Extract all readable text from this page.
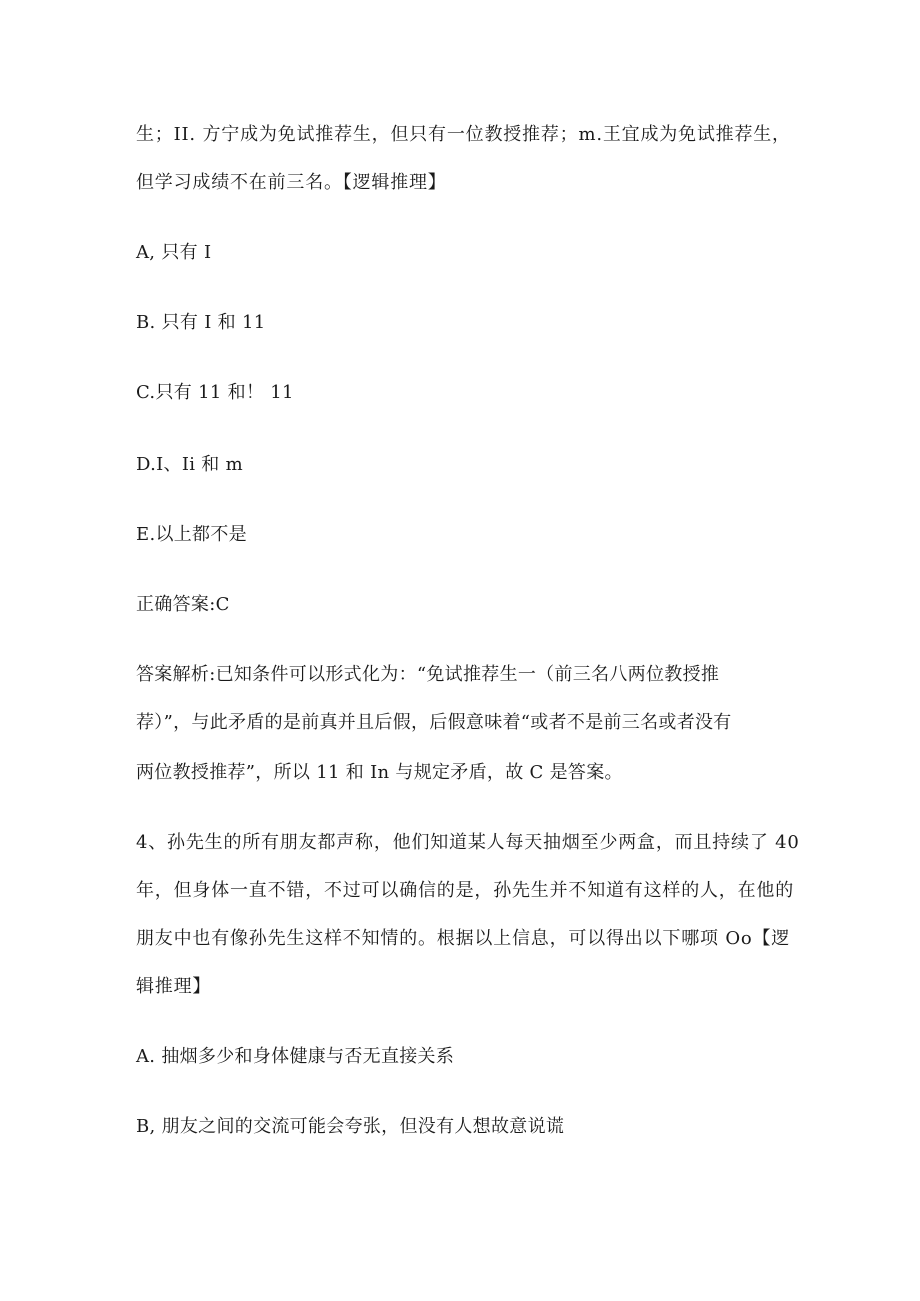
生；II. 方宁成为免试推荐生，但只有一位教授推荐；m.王宜成为免试推荐生，
但学习成绩不在前三名。【逻辑推理】
A, 只有 I
B. 只有 I 和 11
C.只有 11 和！ 11
D.I、Ii 和 m
E.以上都不是
正确答案:C
答案解析:已知条件可以形式化为：“免试推荐生一（前三名八两位教授推
荐）”，与此矛盾的是前真并且后假，后假意味着“或者不是前三名或者没有
两位教授推荐”，所以 11 和 In 与规定矛盾，故 C 是答案。
4、孙先生的所有朋友都声称，他们知道某人每天抽烟至少两盒，而且持续了 40
年，但身体一直不错，不过可以确信的是，孙先生并不知道有这样的人，在他的
朋友中也有像孙先生这样不知情的。根据以上信息，可以得出以下哪项 Oo【逻
辑推理】
A. 抽烟多少和身体健康与否无直接关系
B, 朋友之间的交流可能会夸张，但没有人想故意说谎
